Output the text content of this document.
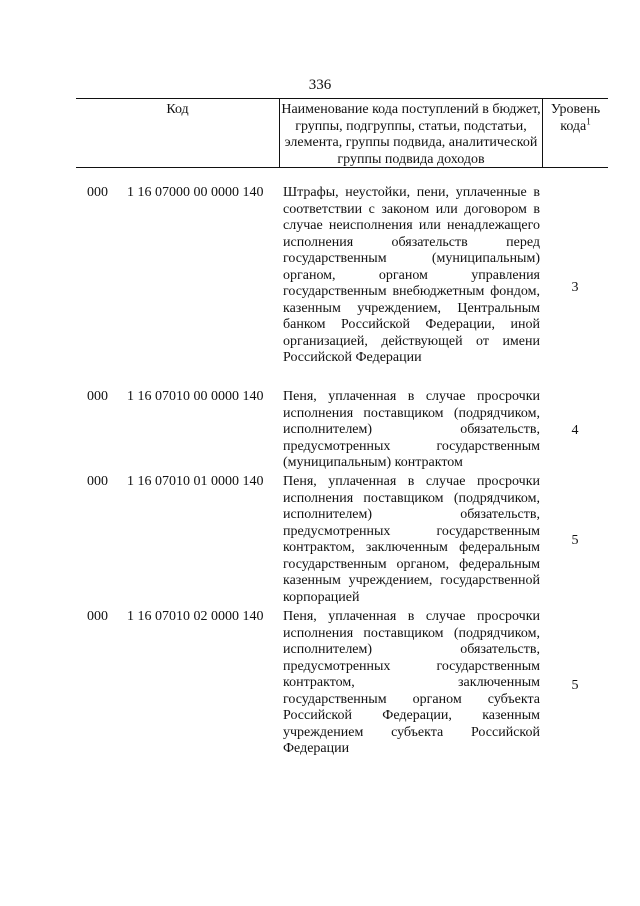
336
Код	Наименование кода поступлений в бюджет, группы, подгруппы, статьи, подстатьи, элемента, группы подвида, аналитической группы подвида доходов
Уровень кода$^1$
000 1 16 07000 00 0000 140 Штрафы, неустойки, пени, уплаченные в соответствии с законом или договором в случае неисполнения или ненадлежащего исполнения обязательств перед государственным (муниципальным) органом, органом управления государственным внебюджетным фондом, казенным учреждением, Центральным банком Российской Федерации, иной организацией, действующей от имени Российской Федерации
3
000 1 16 07010 00 0000 140 Пеня, уплаченная в случае просрочки исполнения поставщиком (подрядчиком, исполнителем) обязательств, предусмотренных государственным (муниципальным) контрактом
4
000 1 16 07010 01 0000 140 Пеня, уплаченная в случае просрочки исполнения поставщиком (подрядчиком, исполнителем) обязательств, предусмотренных государственным контрактом, заключенным федеральным государственным органом, федеральным казенным учреждением, государственной корпорацией
5
000 1 16 07010 02 0000 140 Пеня, уплаченная в случае просрочки исполнения поставщиком (подрядчиком, исполнителем) обязательств, предусмотренных государственным контрактом, заключенным государственным органом субъекта Российской Федерации, казенным учреждением субъекта Российской Федерации
5
